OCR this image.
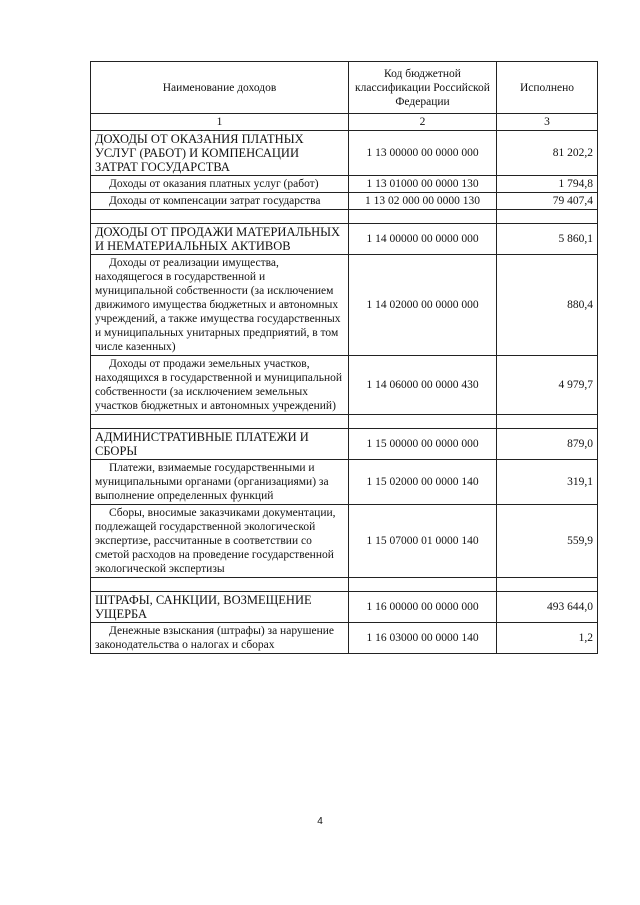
Наименование доходов	Код бюджетной классификации Российской Федерации	Исполнено
1	2	3
ДОХОДЫ ОТ ОКАЗАНИЯ ПЛАТНЫХ УСЛУГ (РАБОТ) И КОМПЕНСАЦИИ ЗАТРАТ ГОСУДАРСТВА	1 13 00000 00 0000 000	81 202,2
Доходы от оказания платных услуг (работ)	1 13 01000 00 0000 130	1 794,8
Доходы от компенсации затрат государства	1 13 02 000 00 0000 130	79 407,4

ДОХОДЫ ОТ ПРОДАЖИ МАТЕРИАЛЬНЫХ И НЕМАТЕРИАЛЬНЫХ АКТИВОВ	1 14 00000 00 0000 000	5 860,1
Доходы от реализации имущества, находящегося в государственной и муниципальной собственности (за исключением движимого имущества бюджетных и автономных учреждений, а также имущества государственных и муниципальных унитарных предприятий, в том числе казенных)	1 14 02000 00 0000 000	880,4
Доходы от продажи земельных участков, находящихся в государственной и муниципальной собственности (за исключением земельных участков бюджетных и автономных учреждений)	1 14 06000 00 0000 430	4 979,7

АДМИНИСТРАТИВНЫЕ ПЛАТЕЖИ И СБОРЫ	1 15 00000 00 0000 000	879,0
Платежи, взимаемые государственными и муниципальными органами (организациями) за выполнение определенных функций	1 15 02000 00 0000 140	319,1
Сборы, вносимые заказчиками документации, подлежащей государственной экологической экспертизе, рассчитанные в соответствии со сметой расходов на проведение государственной экологической экспертизы	1 15 07000 01 0000 140	559,9

ШТРАФЫ, САНКЦИИ, ВОЗМЕЩЕНИЕ УЩЕРБА	1 16 00000 00 0000 000	493 644,0
Денежные взыскания (штрафы) за нарушение законодательства о налогах и сборах	1 16 03000 00 0000 140	1,2
4
